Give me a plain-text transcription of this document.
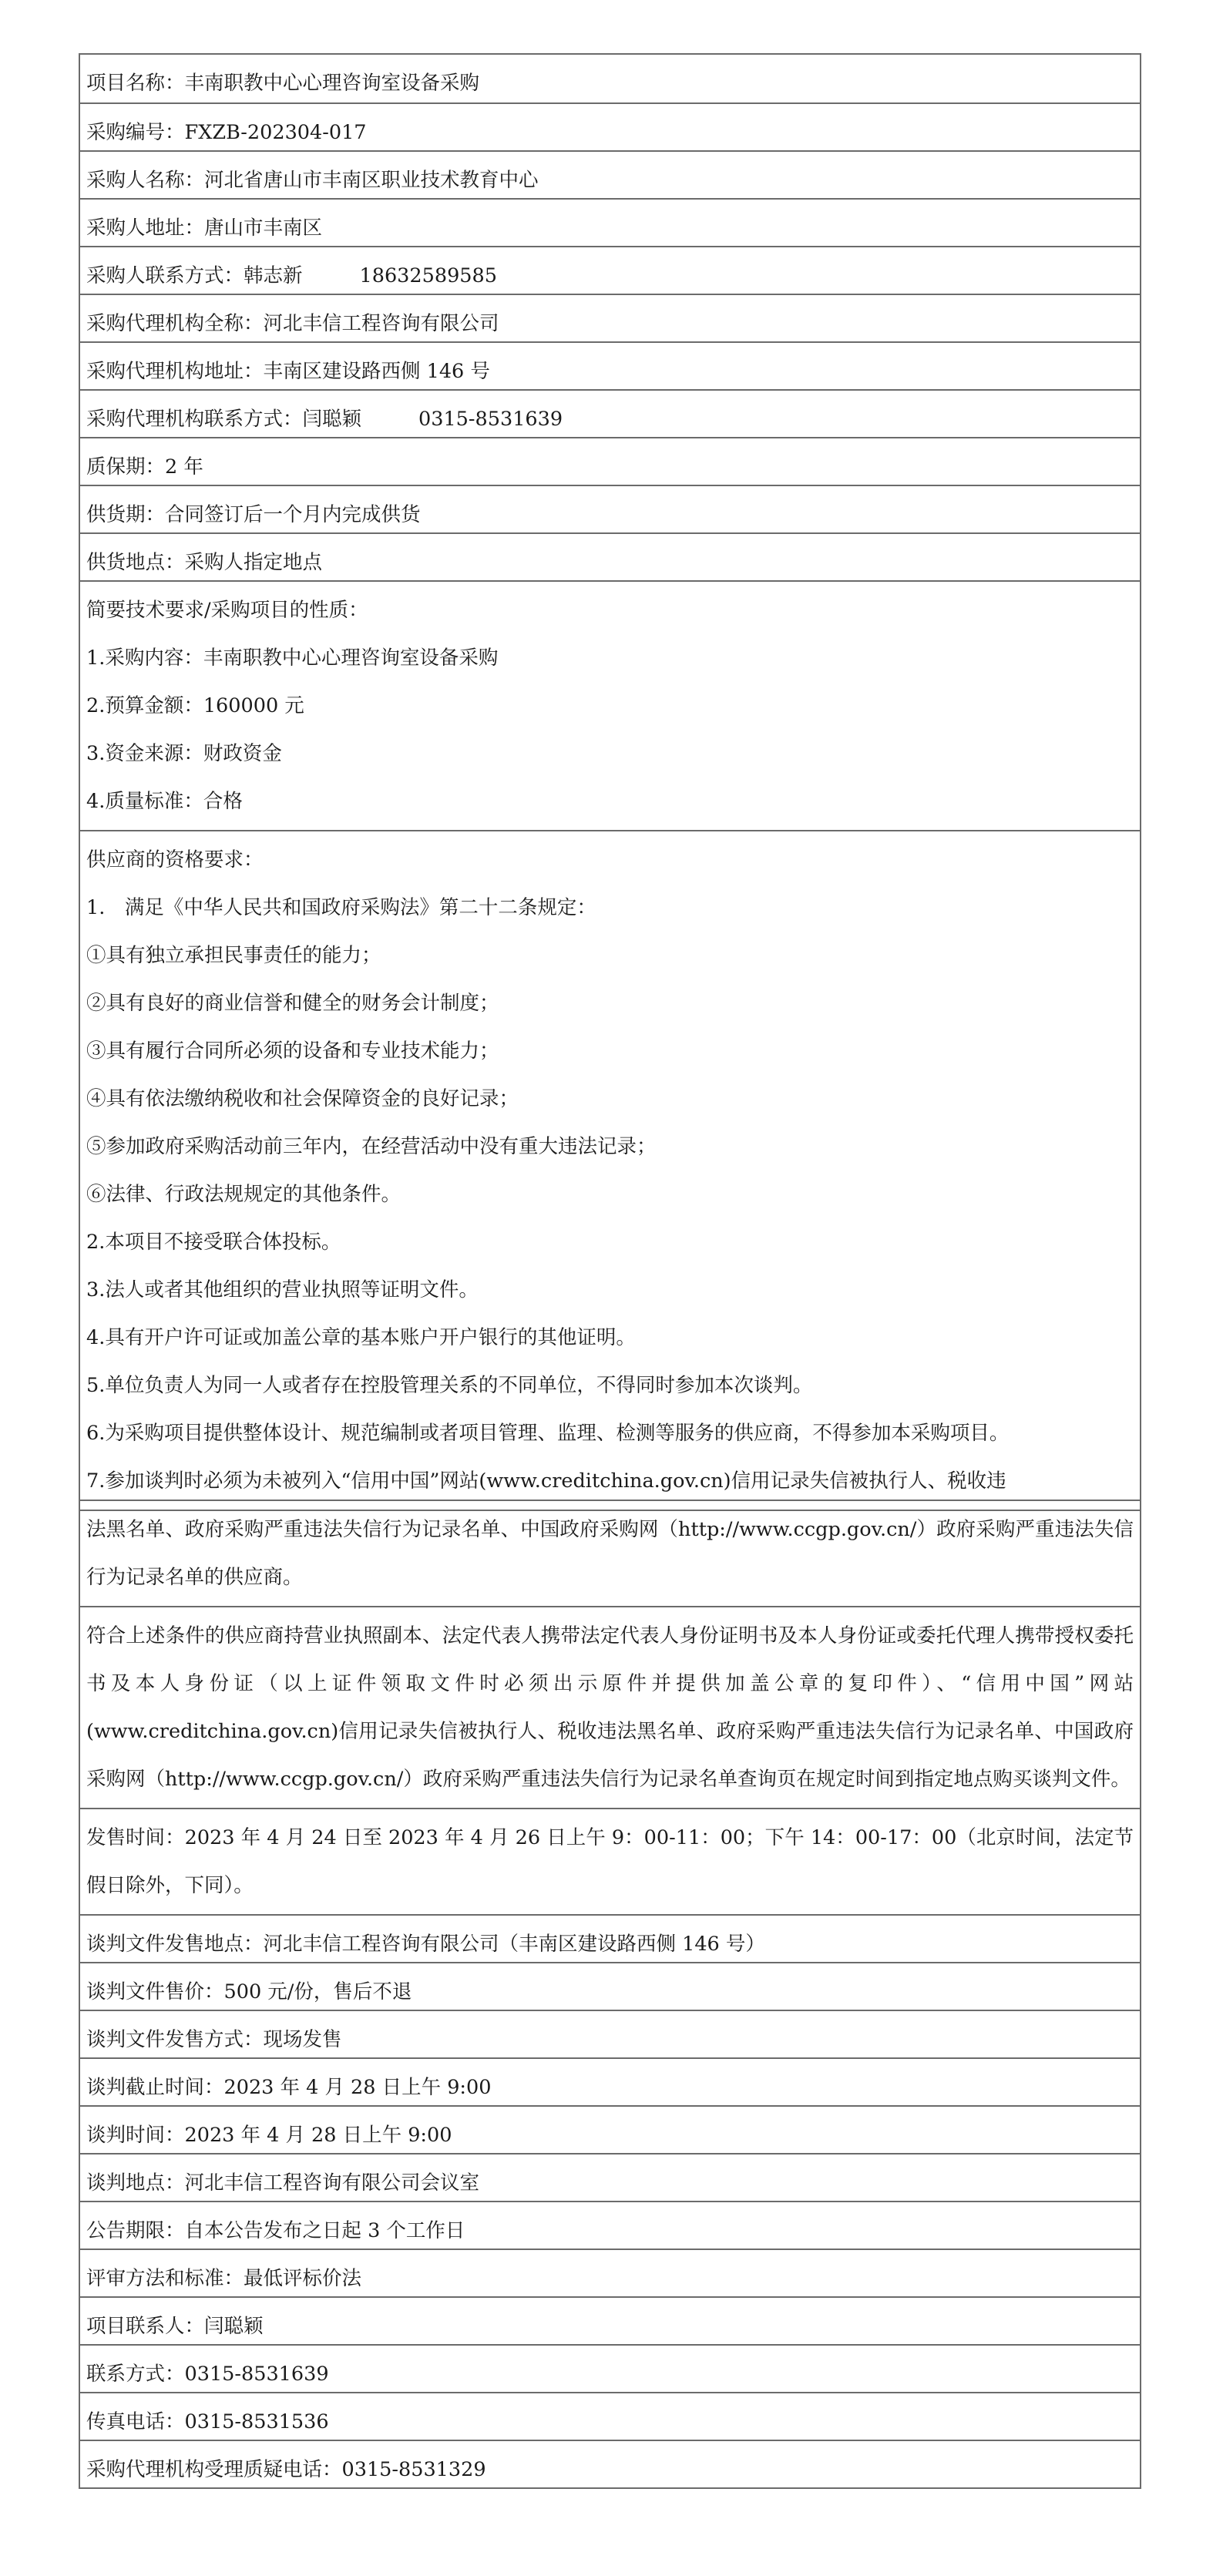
项目名称：丰南职教中心心理咨询室设备采购
采购编号：FXZB-202304-017
采购人名称：河北省唐山市丰南区职业技术教育中心
采购人地址：唐山市丰南区
采购人联系方式：韩志新	18632589585
采购代理机构全称：河北丰信工程咨询有限公司
采购代理机构地址：丰南区建设路西侧 146 号
采购代理机构联系方式：闫聪颖	0315-8531639
质保期：2 年
供货期：合同签订后一个月内完成供货
供货地点：采购人指定地点
简要技术要求/采购项目的性质：
1.采购内容：丰南职教中心心理咨询室设备采购
2.预算金额：160000 元
3.资金来源：财政资金
4.质量标准：合格
供应商的资格要求：
1.　满足《中华人民共和国政府采购法》第二十二条规定：
①具有独立承担民事责任的能力；
②具有良好的商业信誉和健全的财务会计制度；
③具有履行合同所必须的设备和专业技术能力；
④具有依法缴纳税收和社会保障资金的良好记录；
⑤参加政府采购活动前三年内，在经营活动中没有重大违法记录；
⑥法律、行政法规规定的其他条件。
2.本项目不接受联合体投标。
3.法人或者其他组织的营业执照等证明文件。
4.具有开户许可证或加盖公章的基本账户开户银行的其他证明。
5.单位负责人为同一人或者存在控股管理关系的不同单位，不得同时参加本次谈判。
6.为采购项目提供整体设计、规范编制或者项目管理、监理、检测等服务的供应商，不得参加本采购项目。
7.参加谈判时必须为未被列入“信用中国”网站(www.creditchina.gov.cn)信用记录失信被执行人、税收违
法黑名单、政府采购严重违法失信行为记录名单、中国政府采购网（http://www.ccgp.gov.cn/）政府采购严重违法失信行为记录名单的供应商。
符合上述条件的供应商持营业执照副本、法定代表人携带法定代表人身份证明书及本人身份证或委托代理人携带授权委托书及本人身份证（以上证件领取文件时必须出示原件并提供加盖公章的复印件）、“信用中国”网站(www.creditchina.gov.cn)信用记录失信被执行人、税收违法黑名单、政府采购严重违法失信行为记录名单、中国政府采购网（http://www.ccgp.gov.cn/）政府采购严重违法失信行为记录名单查询页在规定时间到指定地点购买谈判文件。
发售时间：2023 年 4 月 24 日至 2023 年 4 月 26 日上午 9：00-11：00；下午 14：00-17：00（北京时间，法定节假日除外，下同）。
谈判文件发售地点：河北丰信工程咨询有限公司（丰南区建设路西侧 146 号）
谈判文件售价：500 元/份，售后不退
谈判文件发售方式：现场发售
谈判截止时间：2023 年 4 月 28 日上午 9:00
谈判时间：2023 年 4 月 28 日上午 9:00
谈判地点：河北丰信工程咨询有限公司会议室
公告期限：自本公告发布之日起 3 个工作日
评审方法和标准：最低评标价法
项目联系人：闫聪颖
联系方式：0315-8531639
传真电话：0315-8531536
采购代理机构受理质疑电话：0315-8531329
